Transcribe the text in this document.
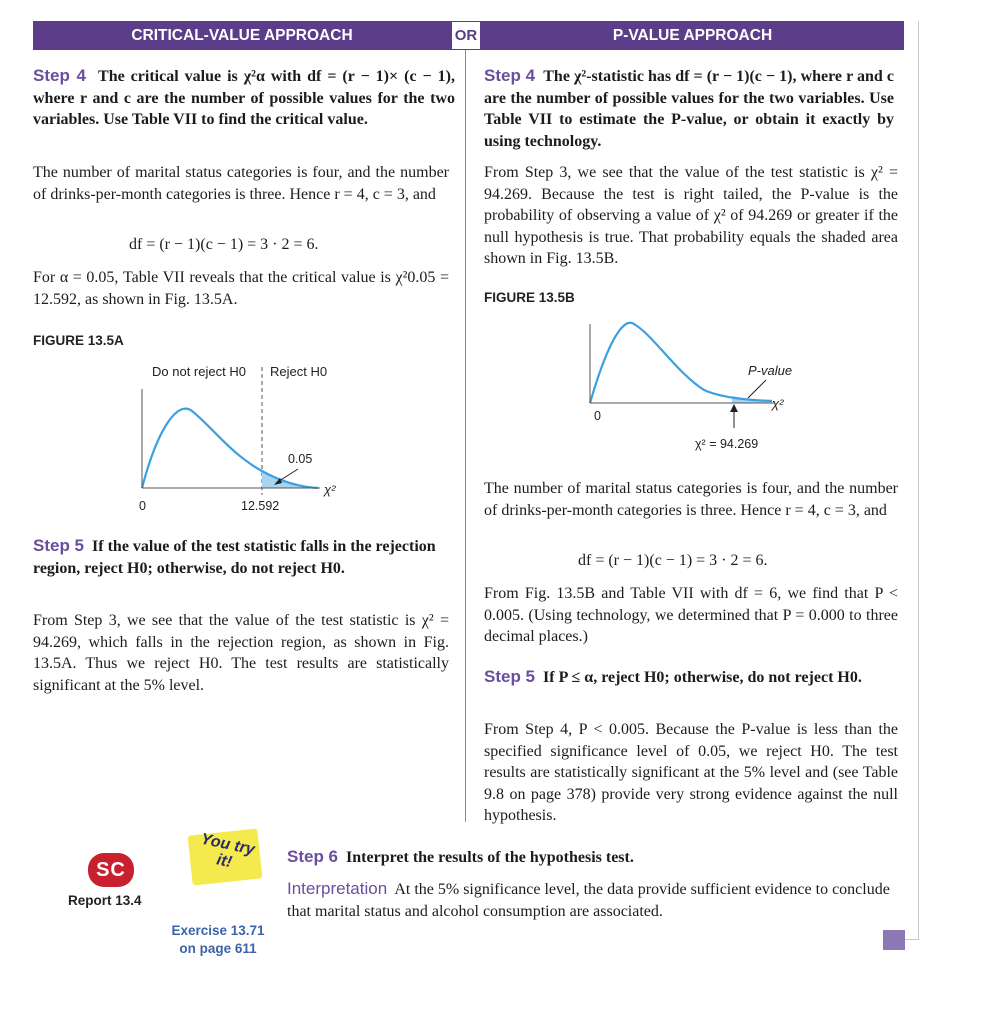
CRITICAL-VALUE APPROACH	OR	P-VALUE APPROACH

Step 4 The critical value is χ²α with df = (r − 1)× (c − 1), where r and c are the number of possible values for the two variables. Use Table VII to find the critical value.

The number of marital status categories is four, and the number of drinks-per-month categories is three. Hence r = 4, c = 3, and

df = (r − 1)(c − 1) = 3 · 2 = 6.

For α = 0.05, Table VII reveals that the critical value is χ²0.05 = 12.592, as shown in Fig. 13.5A.

FIGURE 13.5A
Do not reject H0 Reject H0
0.05
0	12.592
χ²

Step 5 If the value of the test statistic falls in the rejection region, reject H0; otherwise, do not reject H0.

From Step 3, we see that the value of the test statistic is χ² = 94.269, which falls in the rejection region, as shown in Fig. 13.5A. Thus we reject H0. The test results are statistically significant at the 5% level.

Step 4 The χ²-statistic has df = (r − 1)(c − 1), where r and c are the number of possible values for the two variables. Use Table VII to estimate the P-value, or obtain it exactly by using technology.

From Step 3, we see that the value of the test statistic is χ² = 94.269. Because the test is right tailed, the P-value is the probability of observing a value of χ² of 94.269 or greater if the null hypothesis is true. That probability equals the shaded area shown in Fig. 13.5B.

FIGURE 13.5B
P-value
χ²
0
χ² = 94.269

The number of marital status categories is four, and the number of drinks-per-month categories is three. Hence r = 4, c = 3, and

df = (r − 1)(c − 1) = 3 · 2 = 6.

From Fig. 13.5B and Table VII with df = 6, we find that P < 0.005. (Using technology, we determined that P = 0.000 to three decimal places.)

Step 5 If P ≤ α, reject H0; otherwise, do not reject H0.

From Step 4, P < 0.005. Because the P-value is less than the specified significance level of 0.05, we reject H0. The test results are statistically significant at the 5% level and (see Table 9.8 on page 378) provide very strong evidence against the null hypothesis.

SC
Report 13.4
You try it!
Exercise 13.71 on page 611

Step 6 Interpret the results of the hypothesis test.

Interpretation At the 5% significance level, the data provide sufficient evidence to conclude that marital status and alcohol consumption are associated.
